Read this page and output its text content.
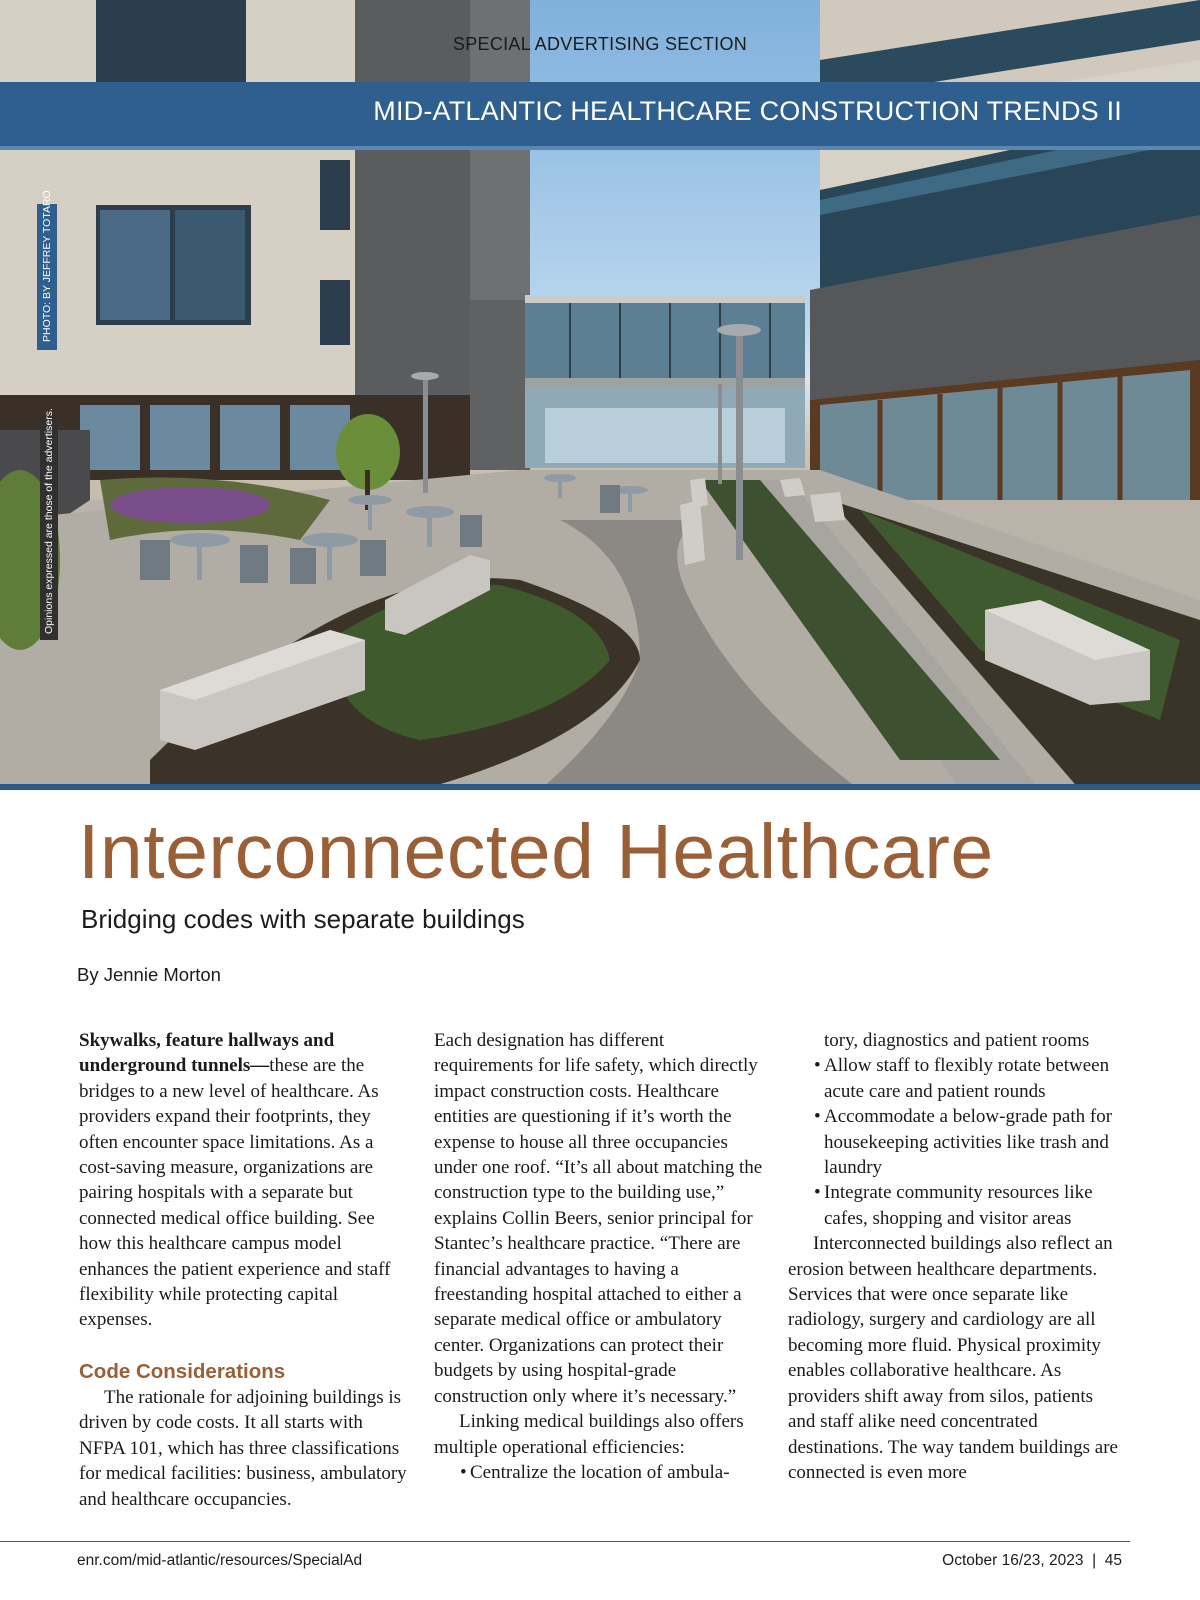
SPECIAL ADVERTISING SECTION
MID-ATLANTIC HEALTHCARE CONSTRUCTION TRENDS II
PHOTO: BY JEFFREY TOTARO
Opinions expressed are those of the advertisers.
Interconnected Healthcare
Bridging codes with separate buildings
By Jennie Morton

Skywalks, feature hallways and underground tunnels—these are the bridges to a new level of healthcare. As providers expand their footprints, they often encounter space limitations. As a cost-saving measure, organizations are pairing hospitals with a separate but connected medical office building. See how this healthcare campus model enhances the patient experience and staff flexibility while protecting capital expenses.

Code Considerations

The rationale for adjoining buildings is driven by code costs. It all starts with NFPA 101, which has three classifications for medical facilities: business, ambulatory and healthcare occupancies.

Each designation has different requirements for life safety, which directly impact construction costs. Healthcare entities are questioning if it’s worth the expense to house all three occupancies under one roof. “It’s all about matching the construction type to the building use,” explains Collin Beers, senior principal for Stantec’s healthcare practice. “There are financial advantages to having a freestanding hospital attached to either a separate medical office or ambulatory center. Organizations can protect their budgets by using hospital-grade construction only where it’s necessary.”

Linking medical buildings also offers multiple operational efficiencies:

• Centralize the location of ambula-
tory, diagnostics and patient rooms
• Allow staff to flexibly rotate between acute care and patient rounds
• Accommodate a below-grade path for housekeeping activities like trash and laundry
• Integrate community resources like cafes, shopping and visitor areas

Interconnected buildings also reflect an erosion between healthcare departments. Services that were once separate like radiology, surgery and cardiology are all becoming more fluid. Physical proximity enables collaborative healthcare. As providers shift away from silos, patients and staff alike need concentrated destinations. The way tandem buildings are connected is even more

enr.com/mid-atlantic/resources/SpecialAd	October 16/23, 2023  |  45
